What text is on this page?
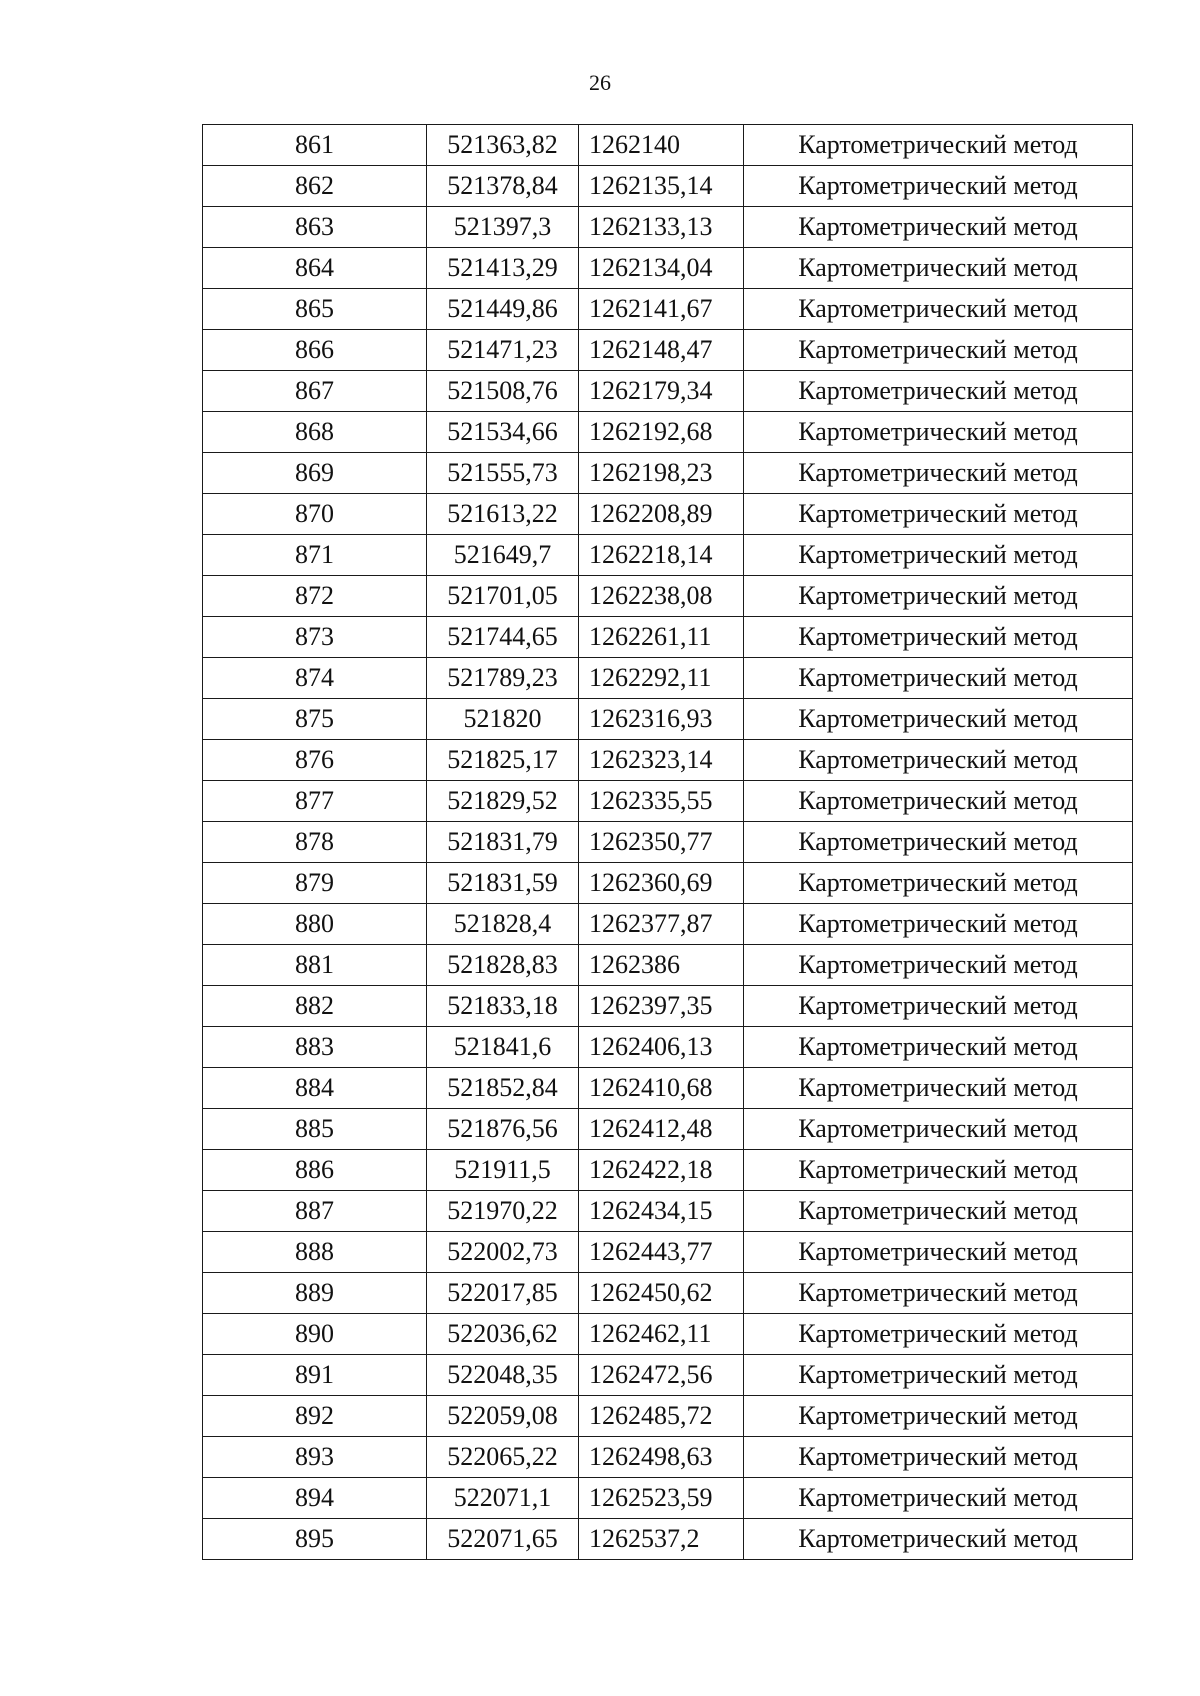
26
861	521363,82	1262140	Картометрический метод
862	521378,84	1262135,14	Картометрический метод
863	521397,3	1262133,13	Картометрический метод
864	521413,29	1262134,04	Картометрический метод
865	521449,86	1262141,67	Картометрический метод
866	521471,23	1262148,47	Картометрический метод
867	521508,76	1262179,34	Картометрический метод
868	521534,66	1262192,68	Картометрический метод
869	521555,73	1262198,23	Картометрический метод
870	521613,22	1262208,89	Картометрический метод
871	521649,7	1262218,14	Картометрический метод
872	521701,05	1262238,08	Картометрический метод
873	521744,65	1262261,11	Картометрический метод
874	521789,23	1262292,11	Картометрический метод
875	521820	1262316,93	Картометрический метод
876	521825,17	1262323,14	Картометрический метод
877	521829,52	1262335,55	Картометрический метод
878	521831,79	1262350,77	Картометрический метод
879	521831,59	1262360,69	Картометрический метод
880	521828,4	1262377,87	Картометрический метод
881	521828,83	1262386	Картометрический метод
882	521833,18	1262397,35	Картометрический метод
883	521841,6	1262406,13	Картометрический метод
884	521852,84	1262410,68	Картометрический метод
885	521876,56	1262412,48	Картометрический метод
886	521911,5	1262422,18	Картометрический метод
887	521970,22	1262434,15	Картометрический метод
888	522002,73	1262443,77	Картометрический метод
889	522017,85	1262450,62	Картометрический метод
890	522036,62	1262462,11	Картометрический метод
891	522048,35	1262472,56	Картометрический метод
892	522059,08	1262485,72	Картометрический метод
893	522065,22	1262498,63	Картометрический метод
894	522071,1	1262523,59	Картометрический метод
895	522071,65	1262537,2	Картометрический метод
